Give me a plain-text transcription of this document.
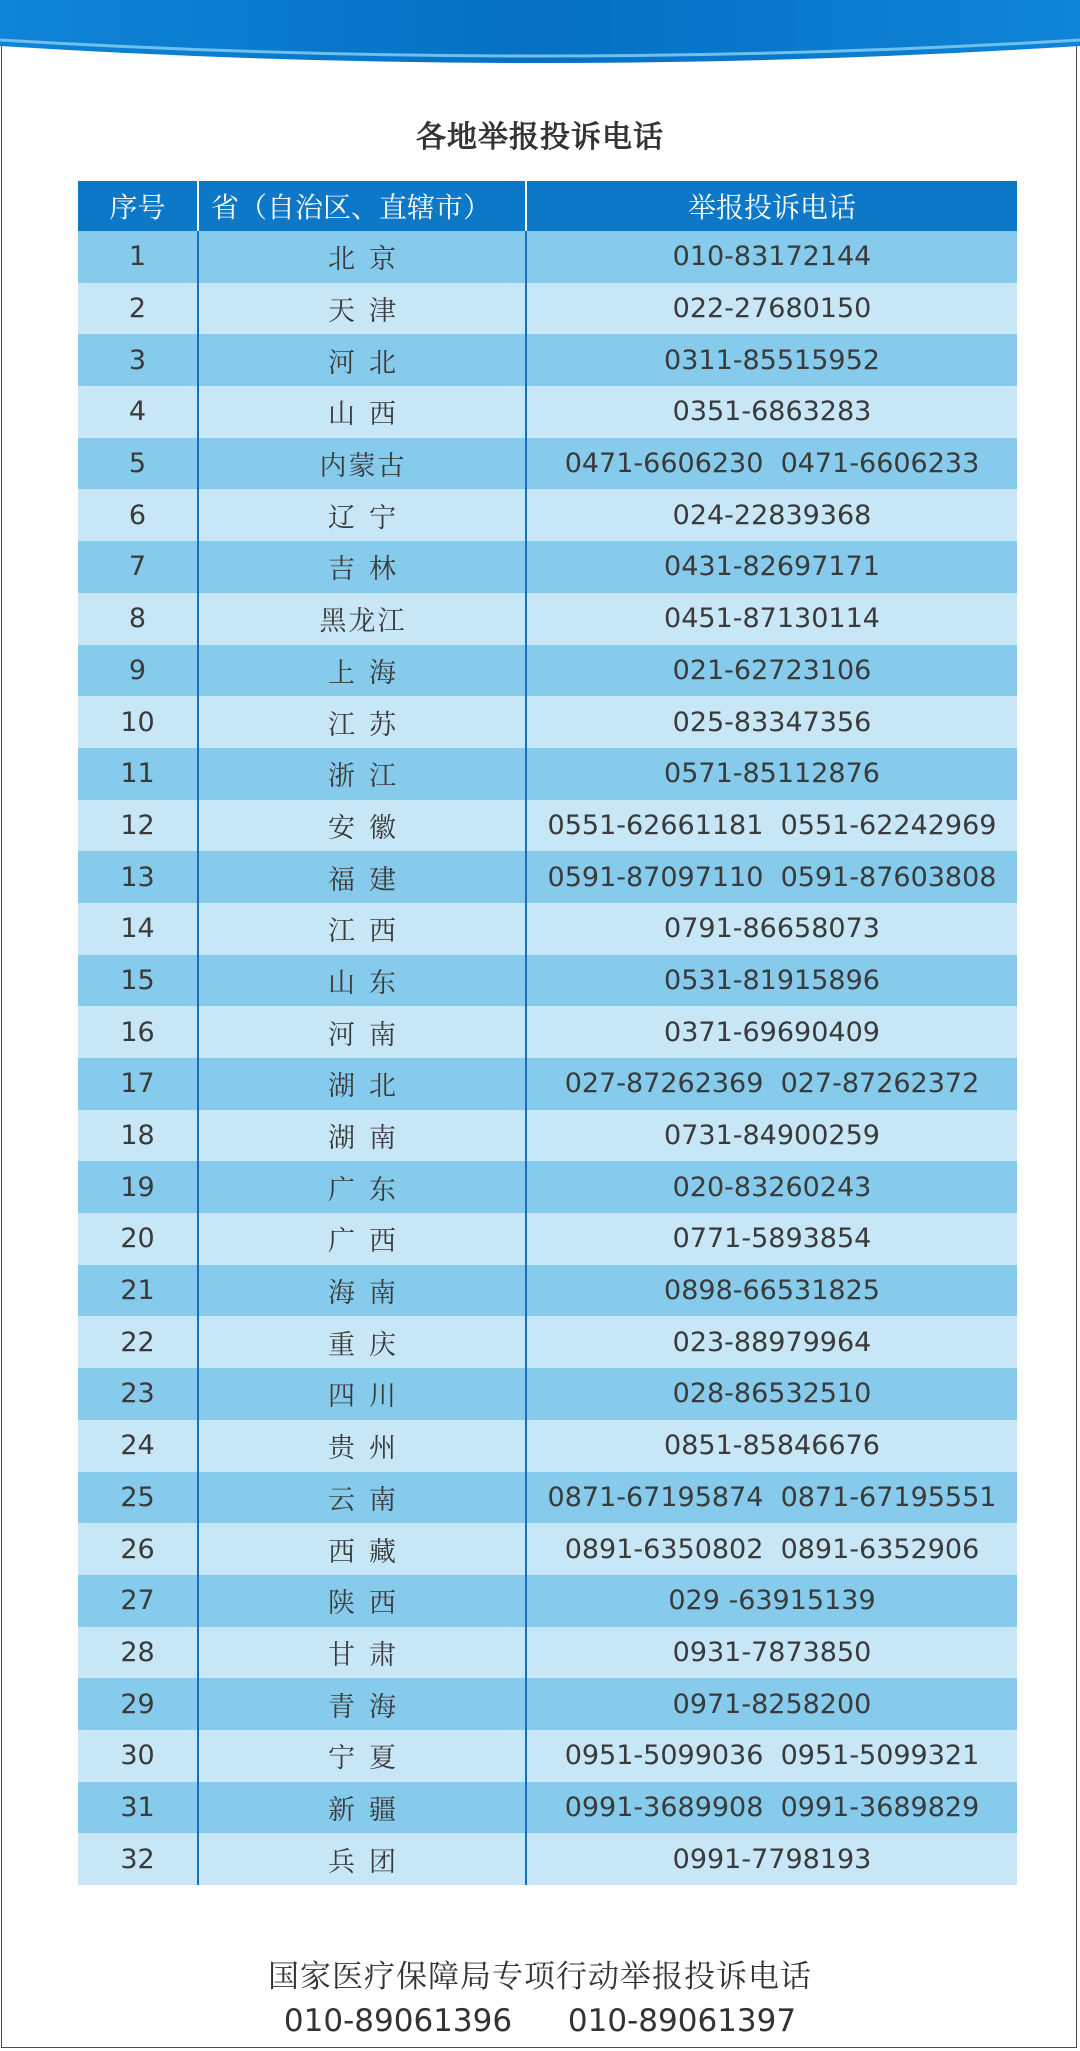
各地举报投诉电话
序号	省（自治区、直辖市）	举报投诉电话
1	北京	010-83172144
2	天津	022-27680150
3	河北	0311-85515952
4	山西	0351-6863283
5	内蒙古	0471-6606230  0471-6606233
6	辽宁	024-22839368
7	吉林	0431-82697171
8	黑龙江	0451-87130114
9	上海	021-62723106
10	江苏	025-83347356
11	浙江	0571-85112876
12	安徽	0551-62661181  0551-62242969
13	福建	0591-87097110  0591-87603808
14	江西	0791-86658073
15	山东	0531-81915896
16	河南	0371-69690409
17	湖北	027-87262369  027-87262372
18	湖南	0731-84900259
19	广东	020-83260243
20	广西	0771-5893854
21	海南	0898-66531825
22	重庆	023-88979964
23	四川	028-86532510
24	贵州	0851-85846676
25	云南	0871-67195874  0871-67195551
26	西藏	0891-6350802  0891-6352906
27	陕西	029 -63915139
28	甘肃	0931-7873850
29	青海	0971-8258200
30	宁夏	0951-5099036  0951-5099321
31	新疆	0991-3689908  0991-3689829
32	兵团	0991-7798193
国家医疗保障局专项行动举报投诉电话
010-89061396 010-89061397
